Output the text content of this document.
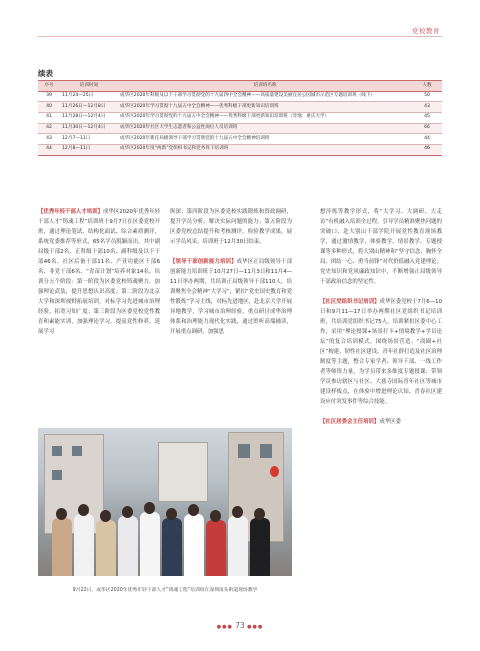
党校教育
续表
序号	培训时间	培训班名称	人数
39	11月24—25日	成华区2020年科级及以下干部学习贯彻党的十九届四中全会精神——高质量建设美丽宜居公园城市示范区专题培训班（线下）	50
40	11月26日—12月8日	成华区2020年学习贯彻十九届五中全会精神——优秀科级干部更新知识培训班	43
41	11月28日—12月4日	成华区2020年学习贯彻党的十九届五中全会精神——优秀科级干部更新知识培训班（异地：重庆大学）	45
42	11月30日—12月4日	成华区2020年社区大学生志愿者和公益性岗位人员培训班	66
43	12月7—11日	成华区2020年新任局级领导干部学习贯彻党的十九届五中全会精神培训班	44
44	12月8—11日	成华区2020年度“两新”党组织书记和党务骨干培训班	46

【优秀年轻干部人才培训】成华区2020年优秀年轻干部人才“铸魂工程”培训班于9月7日在区委党校开班，通过理论笔试、结构化面试、综合素质测评，系统党委推荐等形式，65名学员脱颖而出，其中副局级干部2名、正科级干部10名、副科级及以下干部46名、社区后备干部11名、产业功能区干部6名、非党干部6名、“青苗计划”培养对象14名。培训分五个阶段：第一阶段为区委党校铸魂聚力，加强理论武装，提升思想认识高度；第二阶段为北京大学和深圳视野拓展培训，对标学习先进城市治理经验，拓宽习知广度；第三阶段为区委党校党性教育和素能实训，加强理论学习，提高党性修养，延展学习

纵深；第四阶段为区委党校实践锻炼和资政调研，提升学员分析、解决实际问题的能力；第五阶段为区委党校总结提升和考核测评，检验教学成果，展示学员风采。培训班于12月30日结束。

【领导干部创新能力培训】成华区正局级领导干部创新能力培训班于10月27日—11月3日和11月4—11日举办两期，共培训正局级领导干部110人。培训聚焦全会精神“大学习”，紧扣“党史国史教育和党性锻炼”学习主线，对标先进地区，赴北京大学开展异地教学，学习城市治理经验，重点研讨成华治理体系和治理能力现代化实践，通过聆听高端辅读，开展重点调研，加强思

想淬炼等教学形式，将“大学习、大调研、大走访”有机融入培训全过程，引导学员精准聚焦问题的突破口；赴大别山干部学院开展党性教育现场教学，通过激情教学、体验教学、情景教学、专题授课等多种形式，将大别山精神和“坚守信念、胸怀全局、团结一心、勇当前锋”对代价值融入党建理论、党史知识和党风廉政知识中，不断增强正局级领导干部政治信念的坚定性。

【社区党组织书记培训】成华区委党校于7月6—10日和9月11—17日举办两期社区党组织书记培训班，共培训党组织书记75人。培训紧扣区委中心工作，采用“理论授课+场景打卡+情境教学+学员论坛”的复合培训模式，围绕场景营造、“商圈+社区”构建、韧性社区建设、青年社群打造及社区治理制度等主题，整合专家学者、领导干部、一线工作者等师资力量，为学员带来多维度专题授课；带领学员参访辖区与社区、大慈寺国际青年社区等城市建设样板点，在体验中增进理论认知、青春社区建设应付突发事件等综合技能。

【社区居委会主任培训】成华区委

9月22日，成华区2020年优秀年轻干部人才“铸魂工程”培训班在深圳南头街道现场教学
●●● 73 ●●●
